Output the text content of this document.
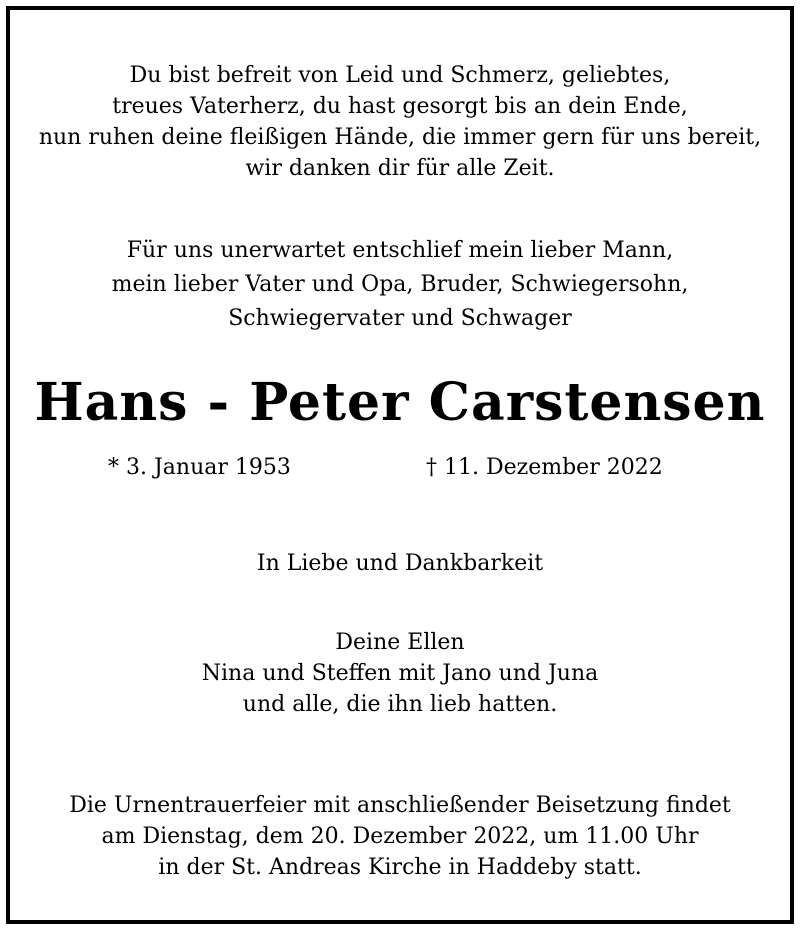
Du bist befreit von Leid und Schmerz, geliebtes,
treues Vaterherz, du hast gesorgt bis an dein Ende,
nun ruhen deine fleißigen Hände, die immer gern für uns bereit,
wir danken dir für alle Zeit.
Für uns unerwartet entschlief mein lieber Mann,
mein lieber Vater und Opa, Bruder, Schwiegersohn,
Schwiegervater und Schwager
Hans - Peter Carstensen
* 3. Januar 1953	† 11. Dezember 2022
In Liebe und Dankbarkeit
Deine Ellen
Nina und Steffen mit Jano und Juna
und alle, die ihn lieb hatten.
Die Urnentrauerfeier mit anschließender Beisetzung findet
am Dienstag, dem 20. Dezember 2022, um 11.00 Uhr
in der St. Andreas Kirche in Haddeby statt.
